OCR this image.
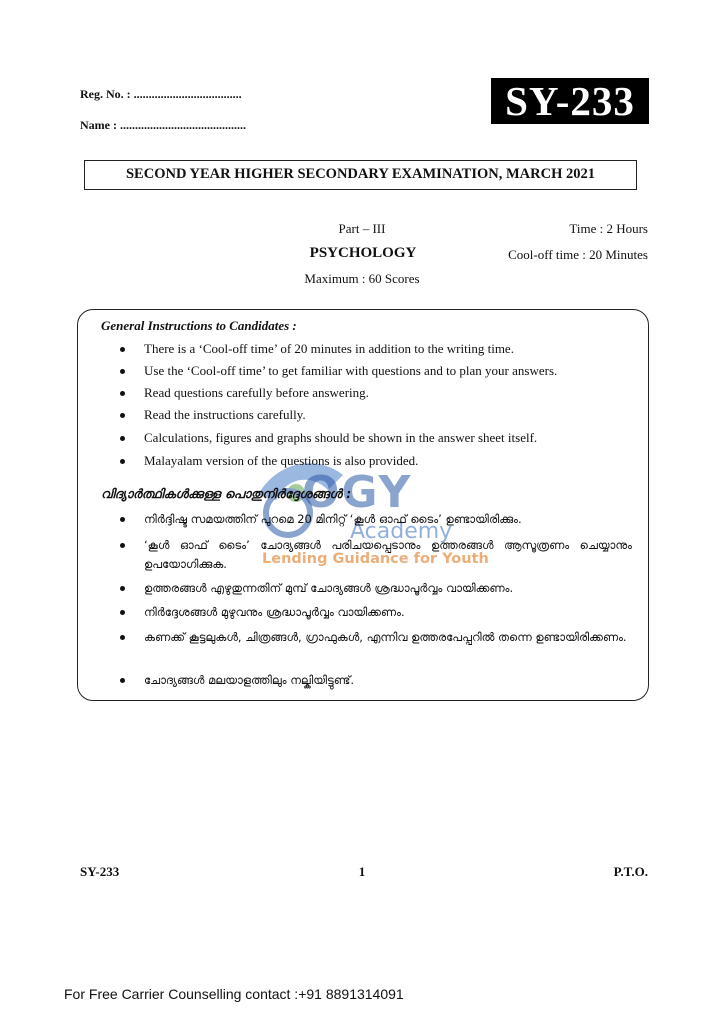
Reg. No. : ....................................
Name : ..........................................
SY-233
SECOND YEAR HIGHER SECONDARY EXAMINATION, MARCH 2021
Part – III	Time : 2 Hours
PSYCHOLOGY	Cool-off time : 20 Minutes
Maximum : 60 Scores
OGY
Academy
Lending Guidance for Youth
General Instructions to Candidates :
There is a ‘Cool-off time’ of 20 minutes in addition to the writing time.
Use the ‘Cool-off time’ to get familiar with questions and to plan your answers.
Read questions carefully before answering.
Read the instructions carefully.
Calculations, figures and graphs should be shown in the answer sheet itself.
Malayalam version of the questions is also provided.
വിദ്യാർത്ഥികൾക്കുള്ള പൊതുനിർദ്ദേശങ്ങൾ :
നിർദ്ദിഷ്ട സമയത്തിന് പുറമെ 20 മിനിറ്റ് ‘കൂൾ ഓഫ് ടൈം’ ഉണ്ടായിരിക്കും.
‘കൂൾ ഓഫ് ടൈം’ ചോദ്യങ്ങൾ പരിചയപ്പെടാനും ഉത്തരങ്ങൾ ആസൂത്രണം ചെയ്യാനും ഉപയോഗിക്കുക.
ഉത്തരങ്ങൾ എഴുതുന്നതിന് മുമ്പ് ചോദ്യങ്ങൾ ശ്രദ്ധാപൂർവ്വം വായിക്കണം.
നിർദ്ദേശങ്ങൾ മുഴുവനും ശ്രദ്ധാപൂർവ്വം വായിക്കണം.
കണക്ക് കൂട്ടലുകൾ, ചിത്രങ്ങൾ, ഗ്രാഫുകൾ, എന്നിവ ഉത്തരപേപ്പറിൽ തന്നെ ഉണ്ടായിരിക്കണം.
ചോദ്യങ്ങൾ മലയാളത്തിലും നല്കിയിട്ടുണ്ട്.
SY-233	1	P.T.O.
For Free Carrier Counselling contact :+91 8891314091
